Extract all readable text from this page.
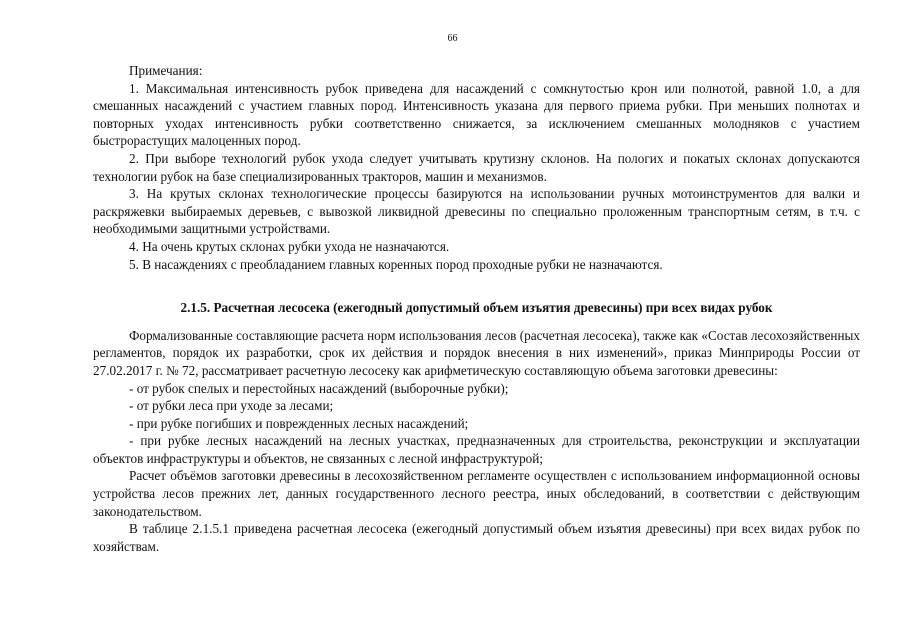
66

Примечания:

1. Максимальная интенсивность рубок приведена для насаждений с сомкнутостью крон или полнотой, равной 1.0, а для смешанных насаждений с участием главных пород. Интенсивность указана для первого приема рубки. При меньших полнотах и повторных уходах интенсивность рубки соответственно снижается, за исключением смешанных молодняков с участием быстрорастущих малоценных пород.

2. При выборе технологий рубок ухода следует учитывать крутизну склонов. На пологих и покатых склонах допускаются технологии рубок на базе специализированных тракторов, машин и механизмов.

3. На крутых склонах технологические процессы базируются на использовании ручных мотоинструментов для валки и раскряжевки выбираемых деревьев, с вывозкой ликвидной древесины по специально проложенным транспортным сетям, в т.ч. с необходимыми защитными устройствами.

4. На очень крутых склонах рубки ухода не назначаются.

5. В насаждениях с преобладанием главных коренных пород проходные рубки не назначаются.

2.1.5. Расчетная лесосека (ежегодный допустимый объем изъятия древесины) при всех видах рубок

Формализованные составляющие расчета норм использования лесов (расчетная лесосека), также как «Состав лесохозяйственных регламентов, порядок их разработки, срок их действия и порядок внесения в них изменений», приказ Минприроды России от 27.02.2017 г. № 72, рассматривает расчетную лесосеку как арифметическую составляющую объема заготовки древесины:

- от рубок спелых и перестойных насаждений (выборочные рубки);

- от рубки леса при уходе за лесами;

- при рубке погибших и поврежденных лесных насаждений;

- при рубке лесных насаждений на лесных участках, предназначенных для строительства, реконструкции и эксплуатации объектов инфраструктуры и объектов, не связанных с лесной инфраструктурой;

Расчет объёмов заготовки древесины в лесохозяйственном регламенте осуществлен с использованием информационной основы устройства лесов прежних лет, данных государственного лесного реестра, иных обследований, в соответствии с действующим законодательством.

В таблице 2.1.5.1 приведена расчетная лесосека (ежегодный допустимый объем изъятия древесины) при всех видах рубок по хозяйствам.
